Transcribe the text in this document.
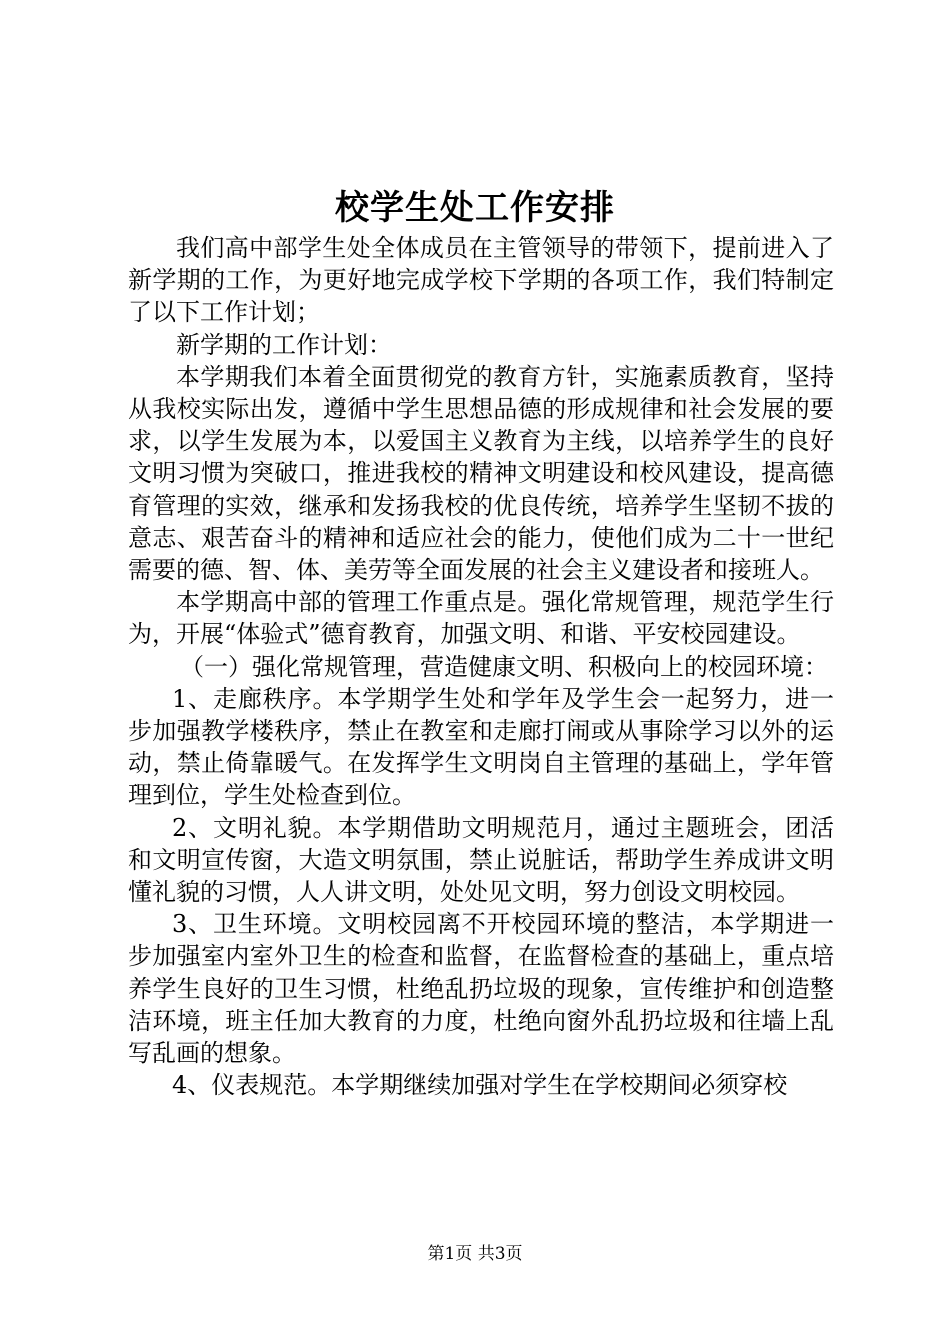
校学生处工作安排

我们高中部学生处全体成员在主管领导的带领下，提前进入了新学期的工作，为更好地完成学校下学期的各项工作，我们特制定了以下工作计划；

新学期的工作计划：

本学期我们本着全面贯彻党的教育方针，实施素质教育，坚持从我校实际出发，遵循中学生思想品德的形成规律和社会发展的要求，以学生发展为本，以爱国主义教育为主线，以培养学生的良好文明习惯为突破口，推进我校的精神文明建设和校风建设，提高德育管理的实效，继承和发扬我校的优良传统，培养学生坚韧不拔的意志、艰苦奋斗的精神和适应社会的能力，使他们成为二十一世纪需要的德、智、体、美劳等全面发展的社会主义建设者和接班人。

本学期高中部的管理工作重点是。强化常规管理，规范学生行为，开展“体验式”德育教育，加强文明、和谐、平安校园建设。

（一）强化常规管理，营造健康文明、积极向上的校园环境：

1、走廊秩序。本学期学生处和学年及学生会一起努力，进一步加强教学楼秩序，禁止在教室和走廊打闹或从事除学习以外的运动，禁止倚靠暖气。在发挥学生文明岗自主管理的基础上，学年管理到位，学生处检查到位。

2、文明礼貌。本学期借助文明规范月，通过主题班会，团活和文明宣传窗，大造文明氛围，禁止说脏话，帮助学生养成讲文明懂礼貌的习惯，人人讲文明，处处见文明，努力创设文明校园。

3、卫生环境。文明校园离不开校园环境的整洁，本学期进一步加强室内室外卫生的检查和监督，在监督检查的基础上，重点培养学生良好的卫生习惯，杜绝乱扔垃圾的现象，宣传维护和创造整洁环境，班主任加大教育的力度，杜绝向窗外乱扔垃圾和往墙上乱写乱画的想象。

4、仪表规范。本学期继续加强对学生在学校期间必须穿校

第1页 共3页
